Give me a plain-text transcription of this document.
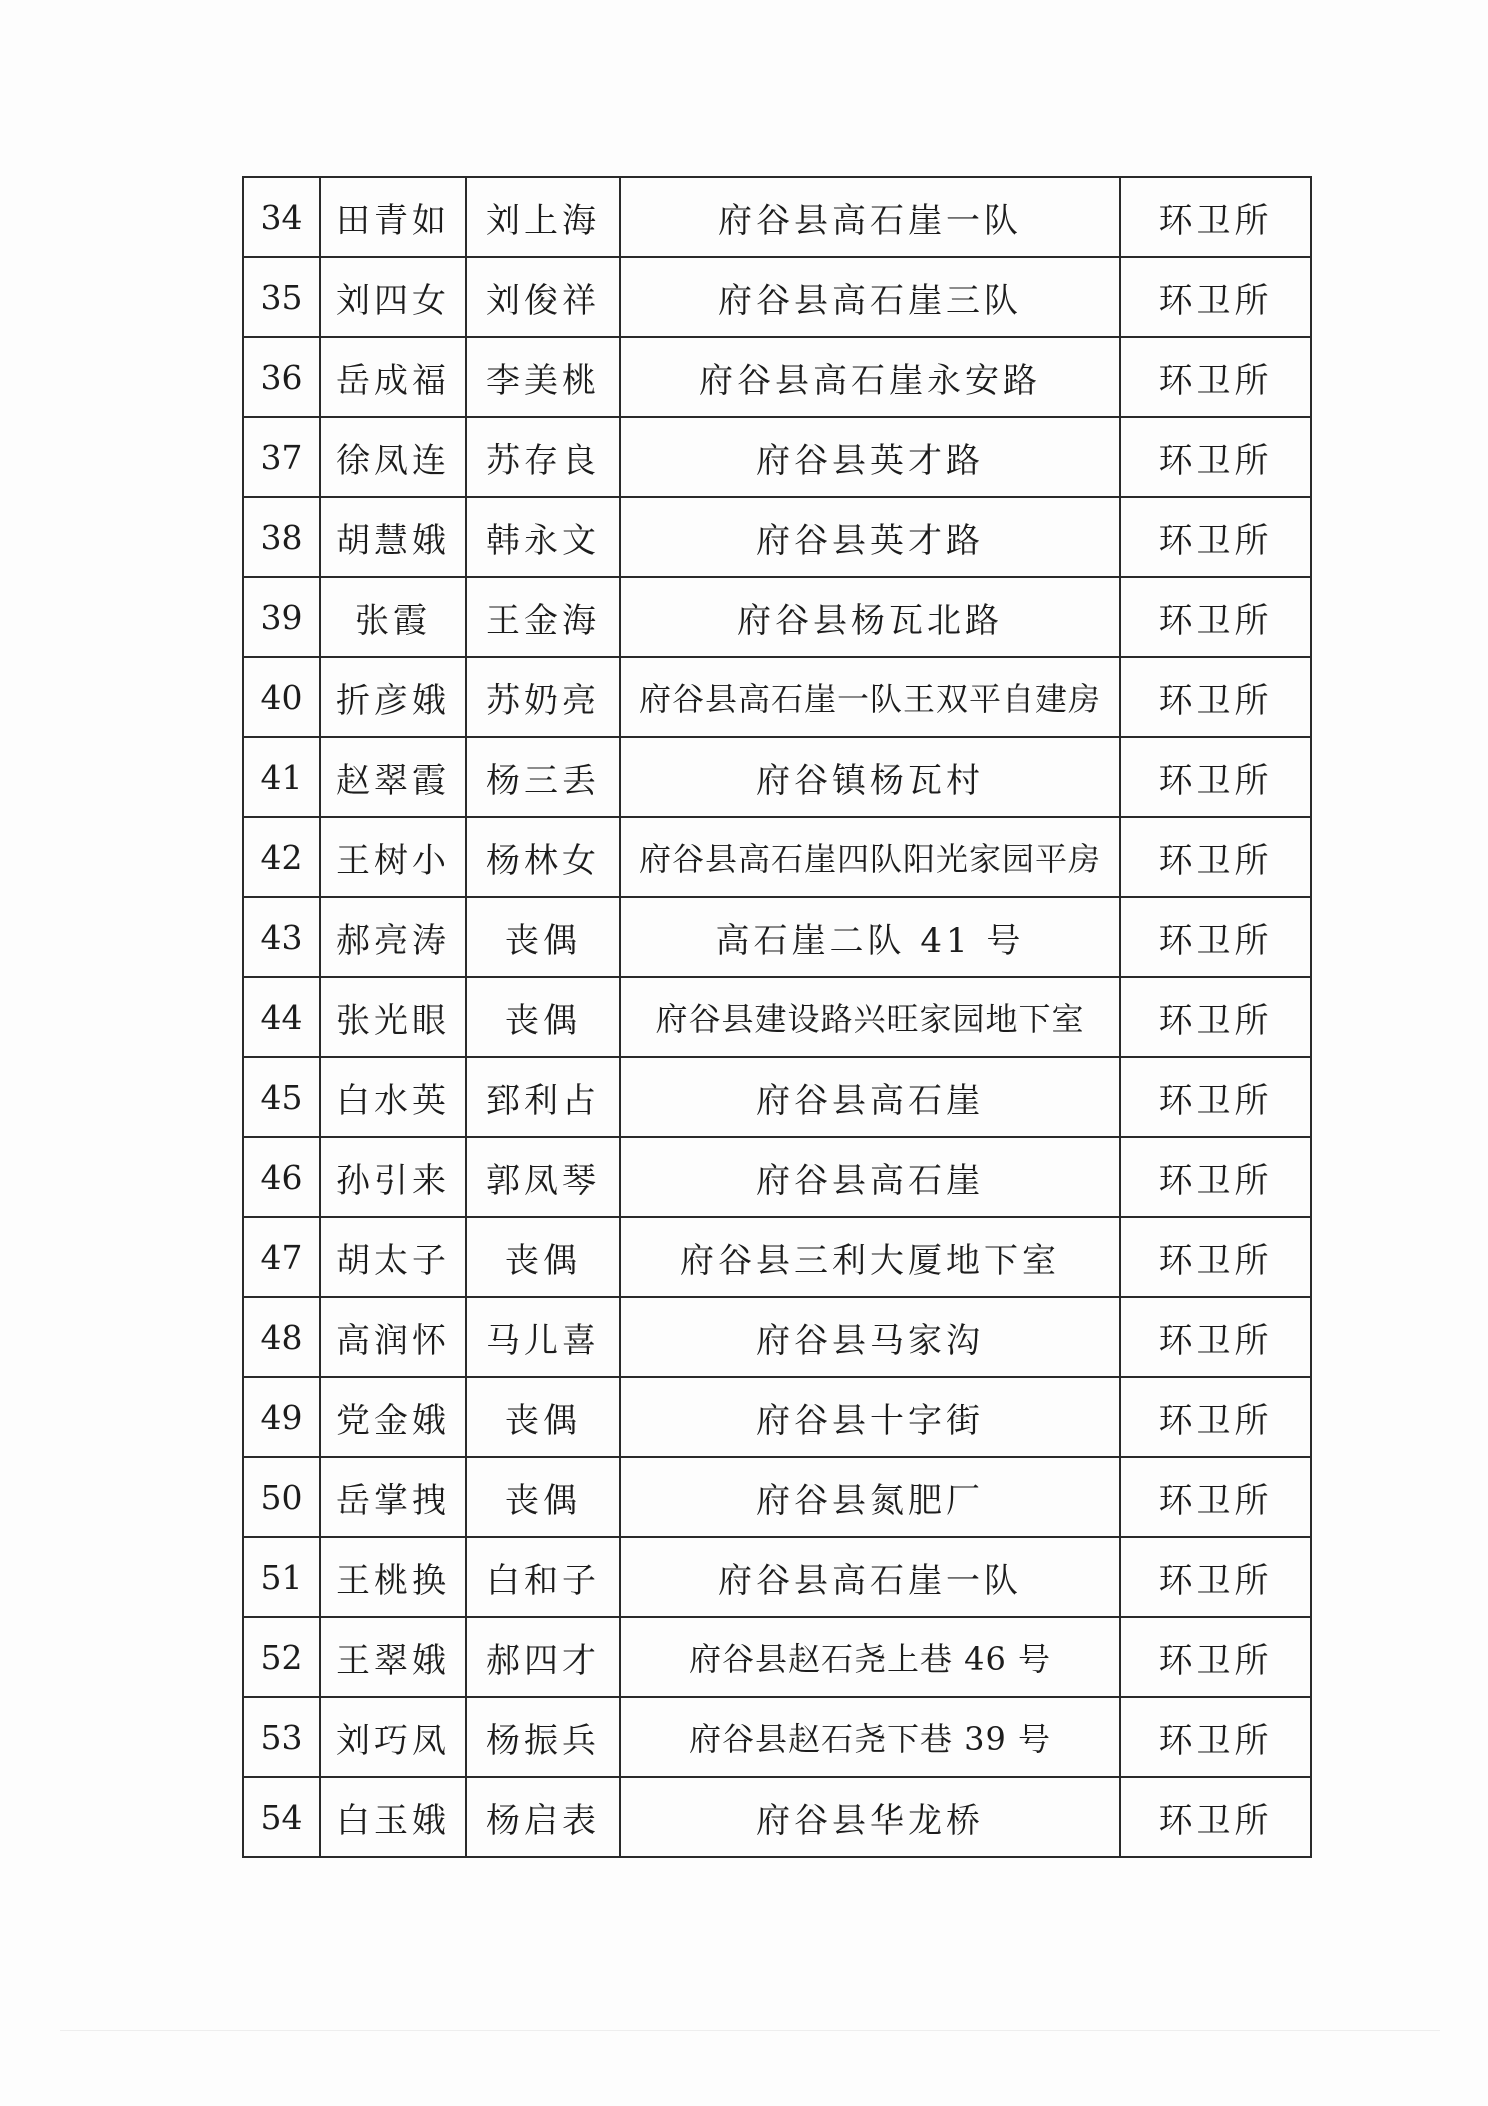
34	田青如	刘上海	府谷县高石崖一队	环卫所
35	刘四女	刘俊祥	府谷县高石崖三队	环卫所
36	岳成福	李美桃	府谷县高石崖永安路	环卫所
37	徐凤连	苏存良	府谷县英才路	环卫所
38	胡慧娥	韩永文	府谷县英才路	环卫所
39	张霞	王金海	府谷县杨瓦北路	环卫所
40	折彦娥	苏奶亮	府谷县高石崖一队王双平自建房	环卫所
41	赵翠霞	杨三丢	府谷镇杨瓦村	环卫所
42	王树小	杨林女	府谷县高石崖四队阳光家园平房	环卫所
43	郝亮涛	丧偶	高石崖二队 41 号	环卫所
44	张光眼	丧偶	府谷县建设路兴旺家园地下室	环卫所
45	白水英	郅利占	府谷县高石崖	环卫所
46	孙引来	郭凤琴	府谷县高石崖	环卫所
47	胡太子	丧偶	府谷县三利大厦地下室	环卫所
48	高润怀	马儿喜	府谷县马家沟	环卫所
49	党金娥	丧偶	府谷县十字街	环卫所
50	岳掌拽	丧偶	府谷县氮肥厂	环卫所
51	王桃换	白和子	府谷县高石崖一队	环卫所
52	王翠娥	郝四才	府谷县赵石尧上巷 46 号	环卫所
53	刘巧凤	杨振兵	府谷县赵石尧下巷 39 号	环卫所
54	白玉娥	杨启表	府谷县华龙桥	环卫所
